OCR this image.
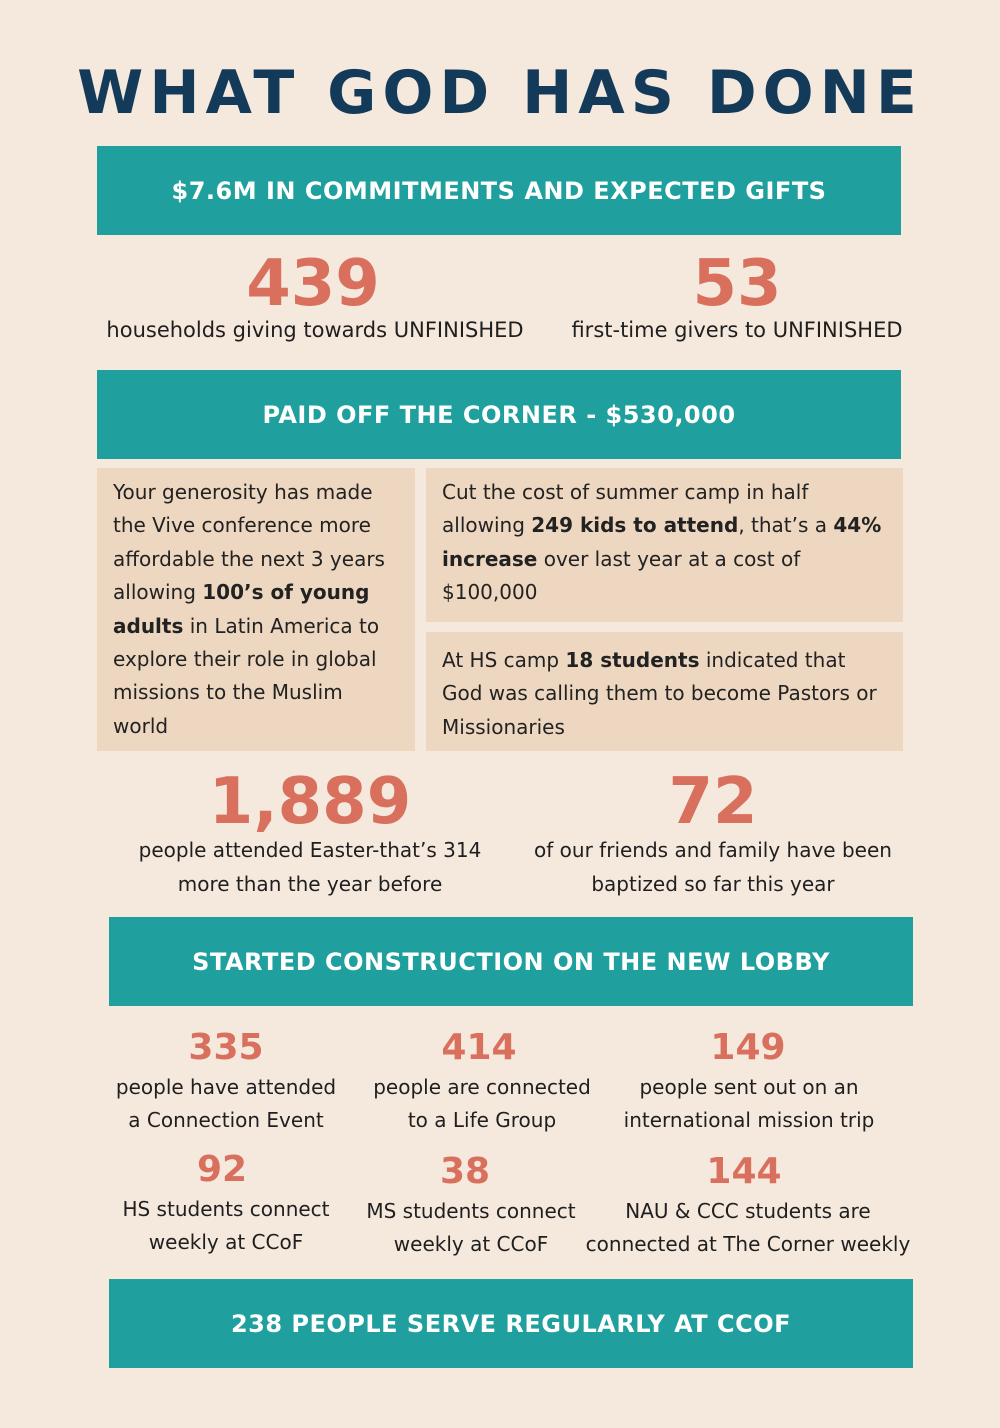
WHAT GOD HAS DONE
$7.6M IN COMMITMENTS AND EXPECTED GIFTS
439
households giving towards UNFINISHED
53
first-time givers to UNFINISHED
PAID OFF THE CORNER - $530,000
Your generosity has made the Vive conference more affordable the next 3 years allowing 100’s of young adults in Latin America to explore their role in global missions to the Muslim world
Cut the cost of summer camp in half allowing 249 kids to attend, that’s a 44% increase over last year at a cost of $100,000
At HS camp 18 students indicated that God was calling them to become Pastors or Missionaries
1,889
people attended Easter-that’s 314
more than the year before
72
of our friends and family have been
baptized so far this year
STARTED CONSTRUCTION ON THE NEW LOBBY
335
people have attended
a Connection Event
414
people are connected
to a Life Group
149
people sent out on an
international mission trip
92
HS students connect
weekly at CCoF
38
MS students connect
weekly at CCoF
144
NAU & CCC students are
connected at The Corner weekly
238 PEOPLE SERVE REGULARLY AT CCOF
